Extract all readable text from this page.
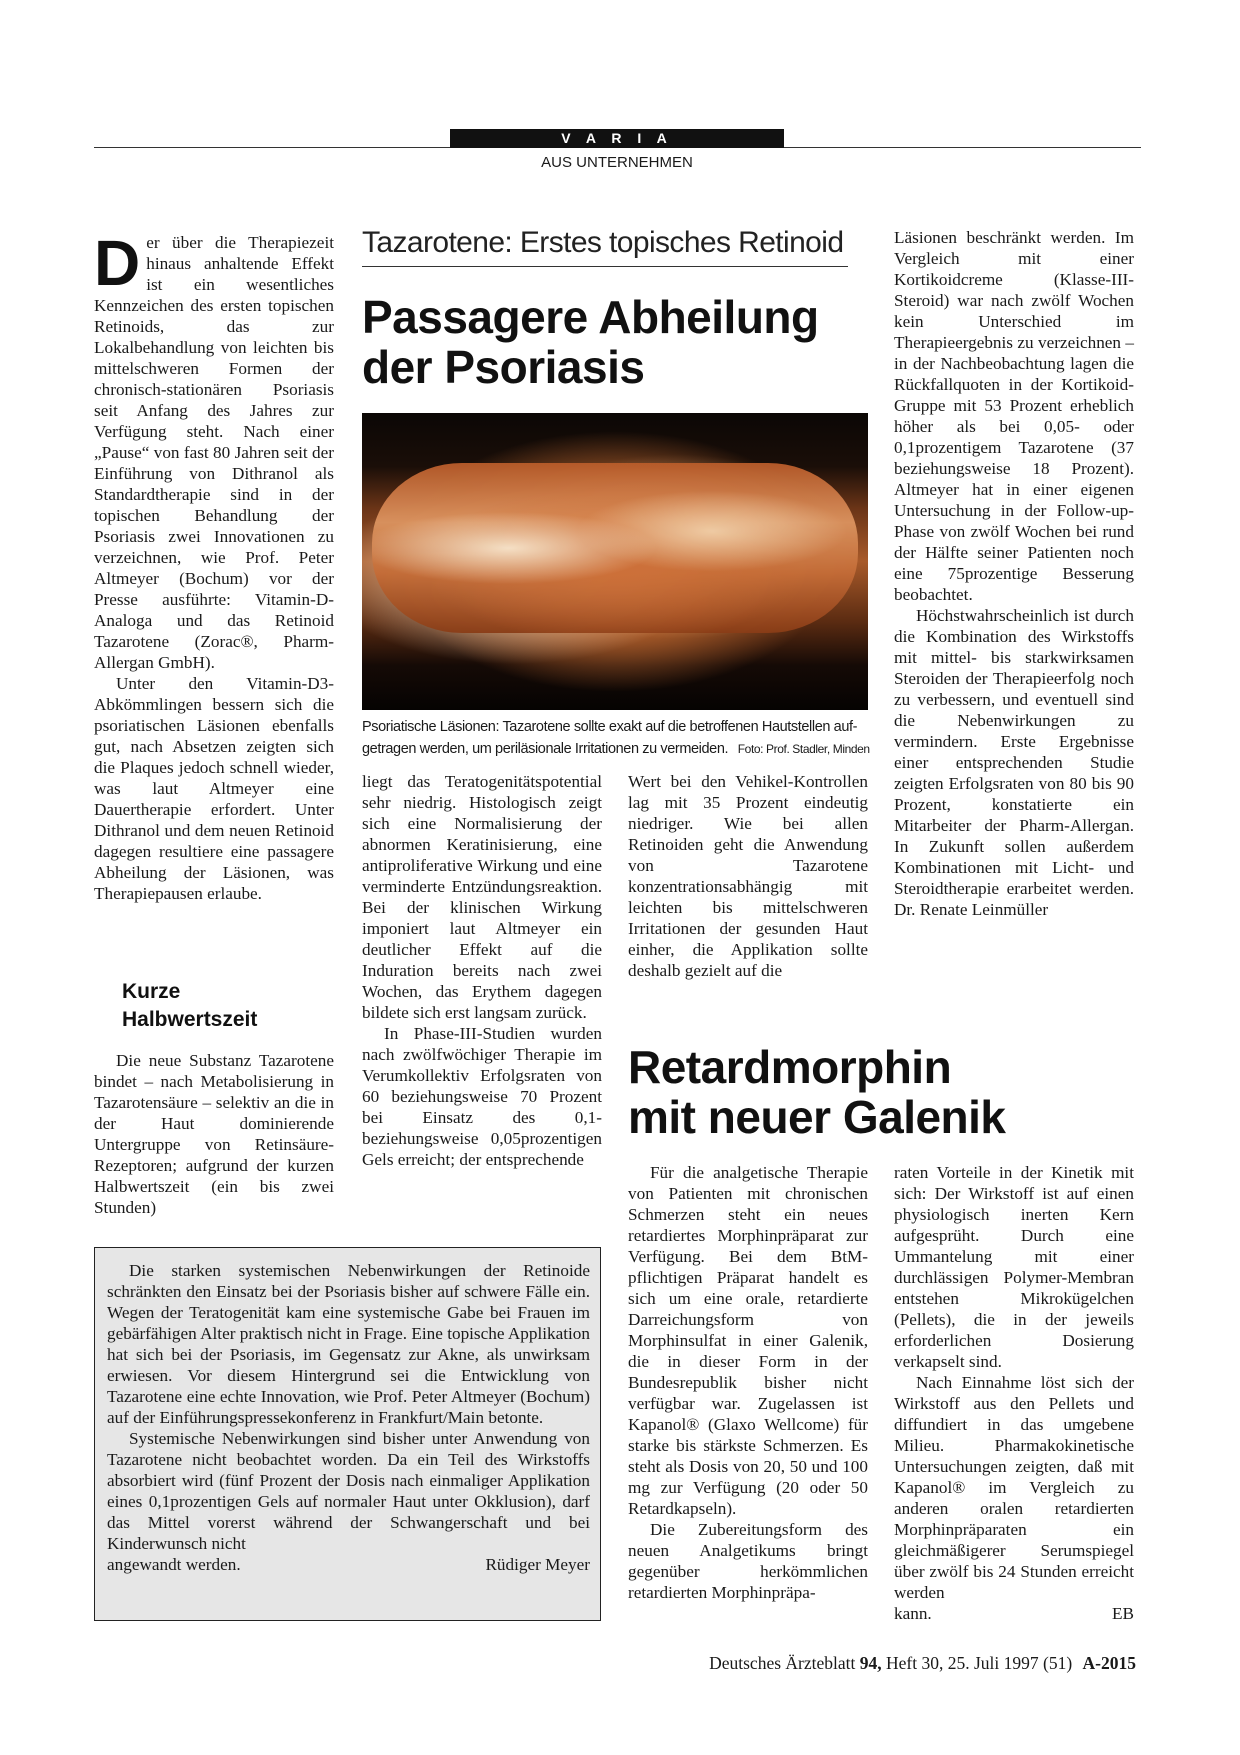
V A R I A
AUS UNTERNEHMEN
Tazarotene: Erstes topisches Retinoid
Passagere Abheilung
der Psoriasis
Psoriatische Läsionen: Tazarotene sollte exakt auf die betroffenen Hautstellen auf-
getragen werden, um periläsionale Irritationen zu vermeiden. Foto: Prof. Stadler, Minden
D er über die Therapiezeit hinaus anhaltende Effekt ist ein wesentliches Kennzeichen des ersten topischen Retinoids, das zur Lokalbehandlung von leichten bis mittelschweren Formen der chronisch-stationären Psoriasis seit Anfang des Jahres zur Verfügung steht. Nach einer „Pause“ von fast 80 Jahren seit der Einführung von Dithranol als Standardtherapie sind in der topischen Behandlung der Psoriasis zwei Innovationen zu verzeichnen, wie Prof. Peter Altmeyer (Bochum) vor der Presse ausführte: Vitamin-D-Analoga und das Retinoid Tazarotene (Zorac®, Pharm-Allergan GmbH).

Unter den Vitamin-D3- Abkömmlingen bessern sich die psoriatischen Läsionen ebenfalls gut, nach Absetzen zeigten sich die Plaques jedoch schnell wieder, was laut Altmeyer eine Dauertherapie erfordert. Unter Dithranol und dem neuen Retinoid dagegen resultiere eine passagere Abheilung der Läsionen, was Therapiepausen erlaube.

Kurze
Halbwertszeit

Die neue Substanz Tazarotene bindet – nach Metabolisierung in Tazarotensäure – selektiv an die in der Haut dominierende Untergruppe von Retinsäure-Rezeptoren; aufgrund der kurzen Halbwertszeit (ein bis zwei Stunden)

liegt das Teratogenitätspotential sehr niedrig. Histologisch zeigt sich eine Normalisierung der abnormen Keratinisierung, eine antiproliferative Wirkung und eine verminderte Entzündungsreaktion. Bei der klinischen Wirkung imponiert laut Altmeyer ein deutlicher Effekt auf die Induration bereits nach zwei Wochen, das Erythem dagegen bildete sich erst langsam zurück.

In Phase-III-Studien wurden nach zwölfwöchiger Therapie im Verumkollektiv Erfolgsraten von 60 beziehungsweise 70 Prozent bei Einsatz des 0,1- beziehungsweise 0,05prozentigen Gels erreicht; der entsprechende

Wert bei den Vehikel-Kontrollen lag mit 35 Prozent eindeutig niedriger. Wie bei allen Retinoiden geht die Anwendung von Tazarotene konzentrationsabhängig mit leichten bis mittelschweren Irritationen der gesunden Haut einher, die Applikation sollte deshalb gezielt auf die

Läsionen beschränkt werden. Im Vergleich mit einer Kortikoidcreme (Klasse-III-Steroid) war nach zwölf Wochen kein Unterschied im Therapieergebnis zu verzeichnen – in der Nachbeobachtung lagen die Rückfallquoten in der Kortikoid-Gruppe mit 53 Prozent erheblich höher als bei 0,05- oder 0,1prozentigem Tazarotene (37 beziehungsweise 18 Prozent). Altmeyer hat in einer eigenen Untersuchung in der Follow-up-Phase von zwölf Wochen bei rund der Hälfte seiner Patienten noch eine 75prozentige Besserung beobachtet.

Höchstwahrscheinlich ist durch die Kombination des Wirkstoffs mit mittel- bis starkwirksamen Steroiden der Therapieerfolg noch zu verbessern, und eventuell sind die Nebenwirkungen zu vermindern. Erste Ergebnisse einer entsprechenden Studie zeigten Erfolgsraten von 80 bis 90 Prozent, konstatierte ein Mitarbeiter der Pharm-Allergan. In Zukunft sollen außerdem Kombinationen mit Licht- und Steroidtherapie erarbeitet werden. Dr. Renate Leinmüller

Die starken systemischen Nebenwirkungen der Retinoide schränkten den Einsatz bei der Psoriasis bisher auf schwere Fälle ein. Wegen der Teratogenität kam eine systemische Gabe bei Frauen im gebärfähigen Alter praktisch nicht in Frage. Eine topische Applikation hat sich bei der Psoriasis, im Gegensatz zur Akne, als unwirksam erwiesen. Vor diesem Hintergrund sei die Entwicklung von Tazarotene eine echte Innovation, wie Prof. Peter Altmeyer (Bochum) auf der Einführungspressekonferenz in Frankfurt/Main betonte.

Systemische Nebenwirkungen sind bisher unter Anwendung von Tazarotene nicht beobachtet worden. Da ein Teil des Wirkstoffs absorbiert wird (fünf Prozent der Dosis nach einmaliger Applikation eines 0,1prozentigen Gels auf normaler Haut unter Okklusion), darf das Mittel vorerst während der Schwangerschaft und bei Kinderwunsch nicht

angewandt werden.	Rüdiger Meyer
Retardmorphin
mit neuer Galenik

Für die analgetische Therapie von Patienten mit chronischen Schmerzen steht ein neues retardiertes Morphinpräparat zur Verfügung. Bei dem BtM-pflichtigen Präparat handelt es sich um eine orale, retardierte Darreichungsform von Morphinsulfat in einer Galenik, die in dieser Form in der Bundesrepublik bisher nicht verfügbar war. Zugelassen ist Kapanol® (Glaxo Wellcome) für starke bis stärkste Schmerzen. Es steht als Dosis von 20, 50 und 100 mg zur Verfügung (20 oder 50 Retardkapseln).

Die Zubereitungsform des neuen Analgetikums bringt gegenüber herkömmlichen retardierten Morphinpräpa-

raten Vorteile in der Kinetik mit sich: Der Wirkstoff ist auf einen physiologisch inerten Kern aufgesprüht. Durch eine Ummantelung mit einer durchlässigen Polymer-Membran entstehen Mikrokügelchen (Pellets), die in der jeweils erforderlichen Dosierung verkapselt sind.

Nach Einnahme löst sich der Wirkstoff aus den Pellets und diffundiert in das umgebene Milieu. Pharmakokinetische Untersuchungen zeigten, daß mit Kapanol® im Vergleich zu anderen oralen retardierten Morphinpräparaten ein gleichmäßigerer Serumspiegel über zwölf bis 24 Stunden erreicht werden

kann.	EB
Deutsches Ärzteblatt 94, Heft 30, 25. Juli 1997 (51) A-2015
